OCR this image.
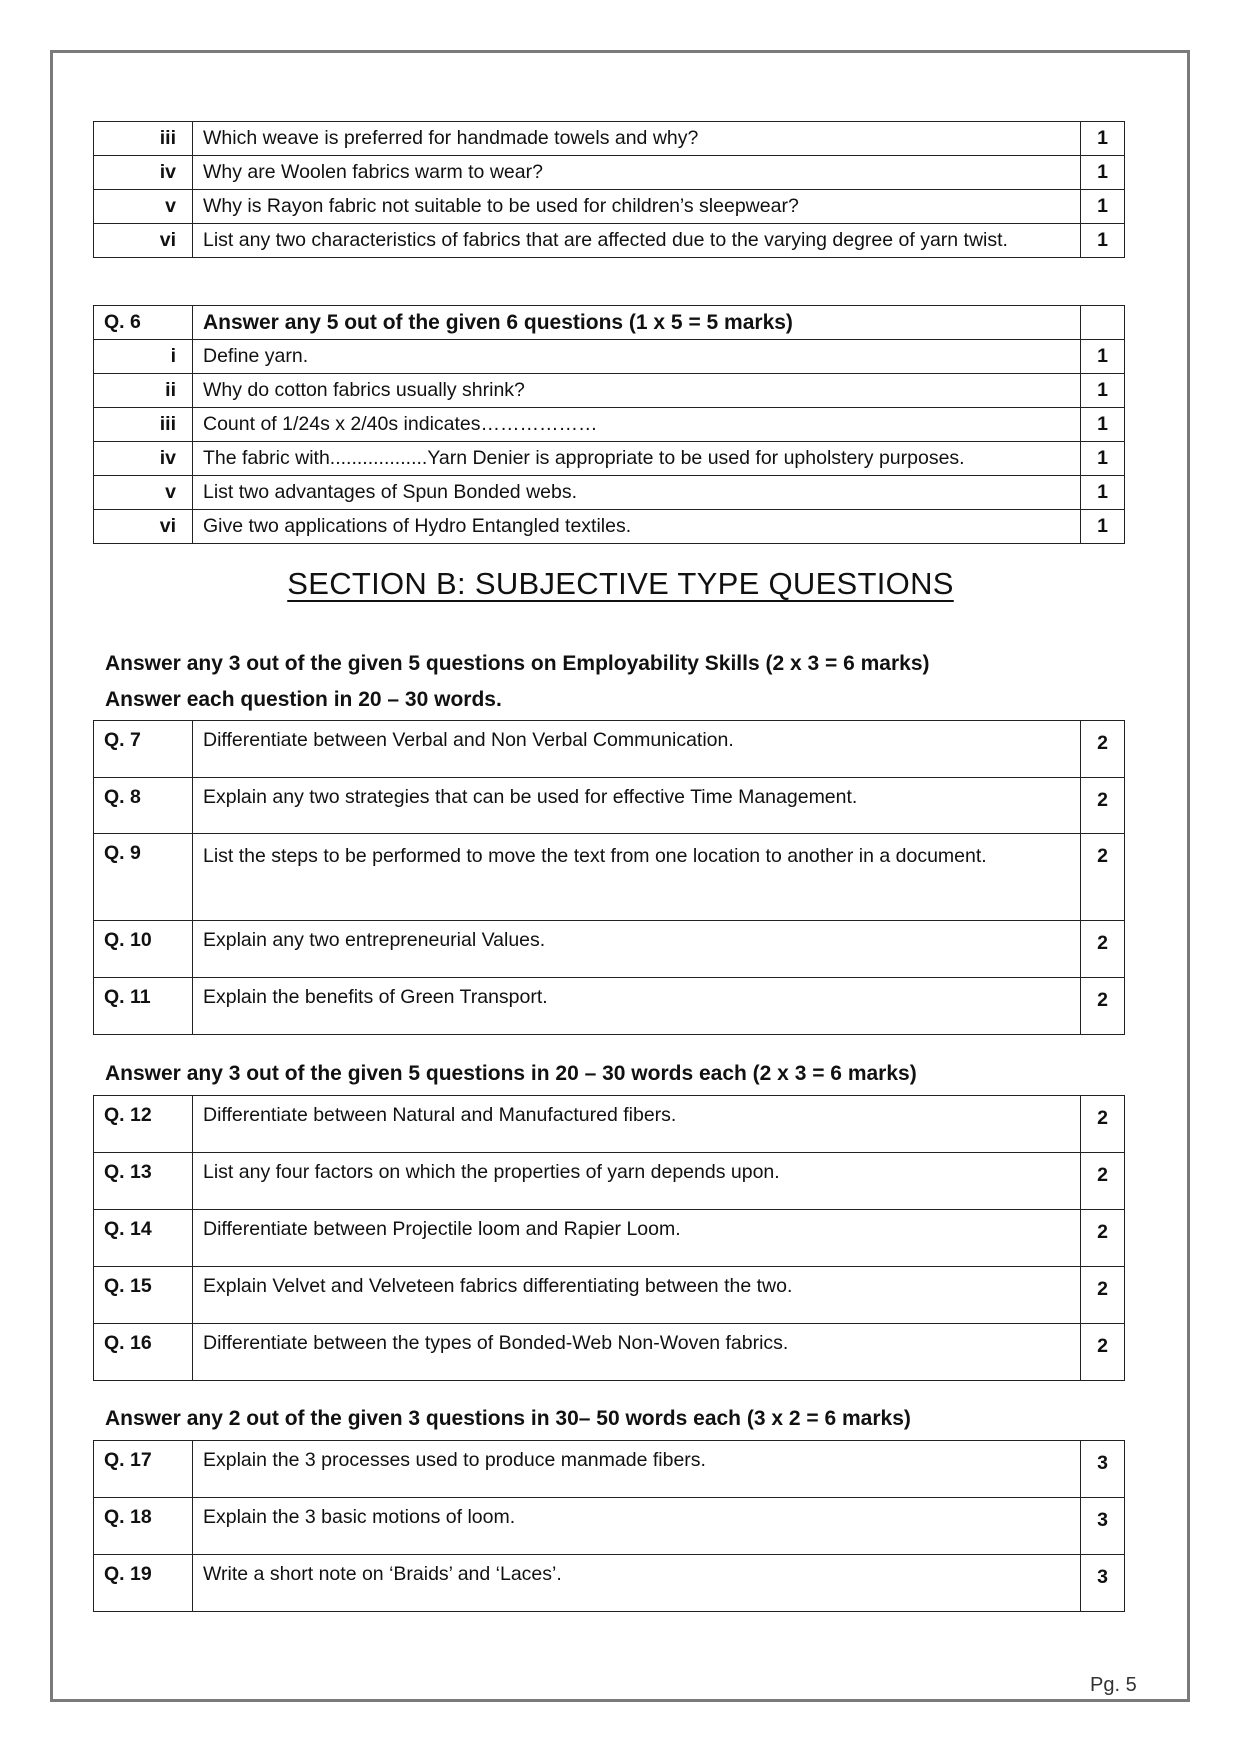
iii	Which weave is preferred for handmade towels and why?	1
iv	Why are Woolen fabrics warm to wear?	1
v	Why is Rayon fabric not suitable to be used for children’s sleepwear?	1
vi	List any two characteristics of fabrics that are affected due to the varying degree of yarn twist.	1
Q. 6	Answer any 5 out of the given 6 questions (1 x 5 = 5 marks)	
i	Define yarn.	1
ii	Why do cotton fabrics usually shrink?	1
iii	Count of 1/24s x 2/40s indicates………………	1
iv	The fabric with..................Yarn Denier is appropriate to be used for upholstery purposes.	1
v	List two advantages of Spun Bonded webs.	1
vi	Give two applications of Hydro Entangled textiles.	1
SECTION B: SUBJECTIVE TYPE QUESTIONS
Answer any 3 out of the given 5 questions on Employability Skills (2 x 3 = 6 marks)
Answer each question in 20 – 30 words.
Q. 7	Differentiate between Verbal and Non Verbal Communication.	2
Q. 8	Explain any two strategies that can be used for effective Time Management.	2
Q. 9	List the steps to be performed to move the text from one location to another in a document.	2
Q. 10	Explain any two entrepreneurial Values.	2
Q. 11	Explain the benefits of Green Transport.	2
Answer any 3 out of the given 5 questions in 20 – 30 words each (2 x 3 = 6 marks)
Q. 12	Differentiate between Natural and Manufactured fibers.	2
Q. 13	List any four factors on which the properties of yarn depends upon.	2
Q. 14	Differentiate between Projectile loom and Rapier Loom.	2
Q. 15	Explain Velvet and Velveteen fabrics differentiating between the two.	2
Q. 16	Differentiate between the types of Bonded-Web Non-Woven fabrics.	2
Answer any 2 out of the given 3 questions in 30– 50 words each (3 x 2 = 6 marks)
Q. 17	Explain the 3 processes used to produce manmade fibers.	3
Q. 18	Explain the 3 basic motions of loom.	3
Q. 19	Write a short note on ‘Braids’ and ‘Laces’.	3
Pg. 5
